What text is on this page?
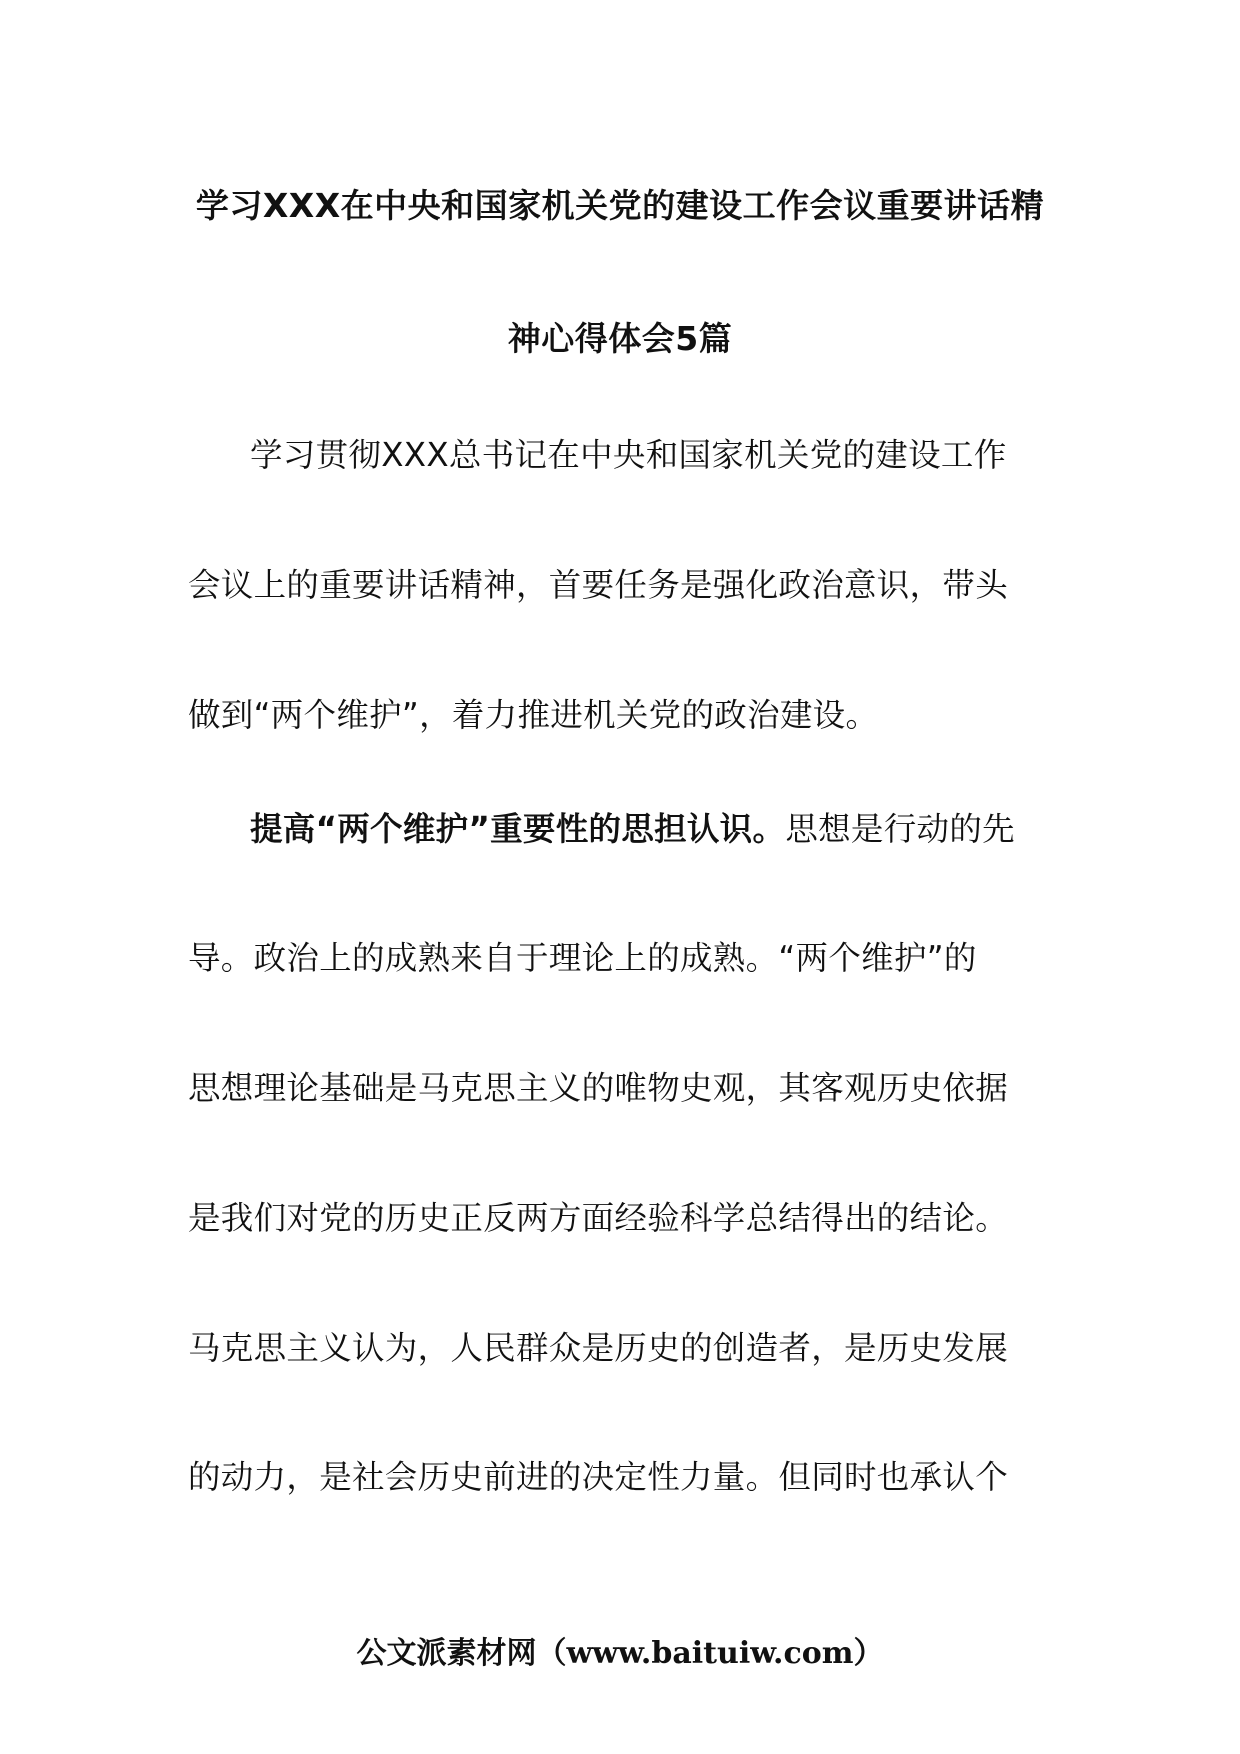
学习XXX在中央和国家机关党的建设工作会议重要讲话精
神心得体会5篇
学习贯彻XXX总书记在中央和国家机关党的建设工作
会议上的重要讲话精神，首要任务是强化政治意识，带头
做到“两个维护”，着力推进机关党的政治建设。
提高“两个维护”重要性的思担认识。思想是行动的先
导。政治上的成熟来自于理论上的成熟。“两个维护”的
思想理论基础是马克思主义的唯物史观，其客观历史依据
是我们对党的历史正反两方面经验科学总结得出的结论。
马克思主义认为，人民群众是历史的创造者，是历史发展
的动力，是社会历史前进的决定性力量。但同时也承认个
公文派素材网（www.baituiw.com）
